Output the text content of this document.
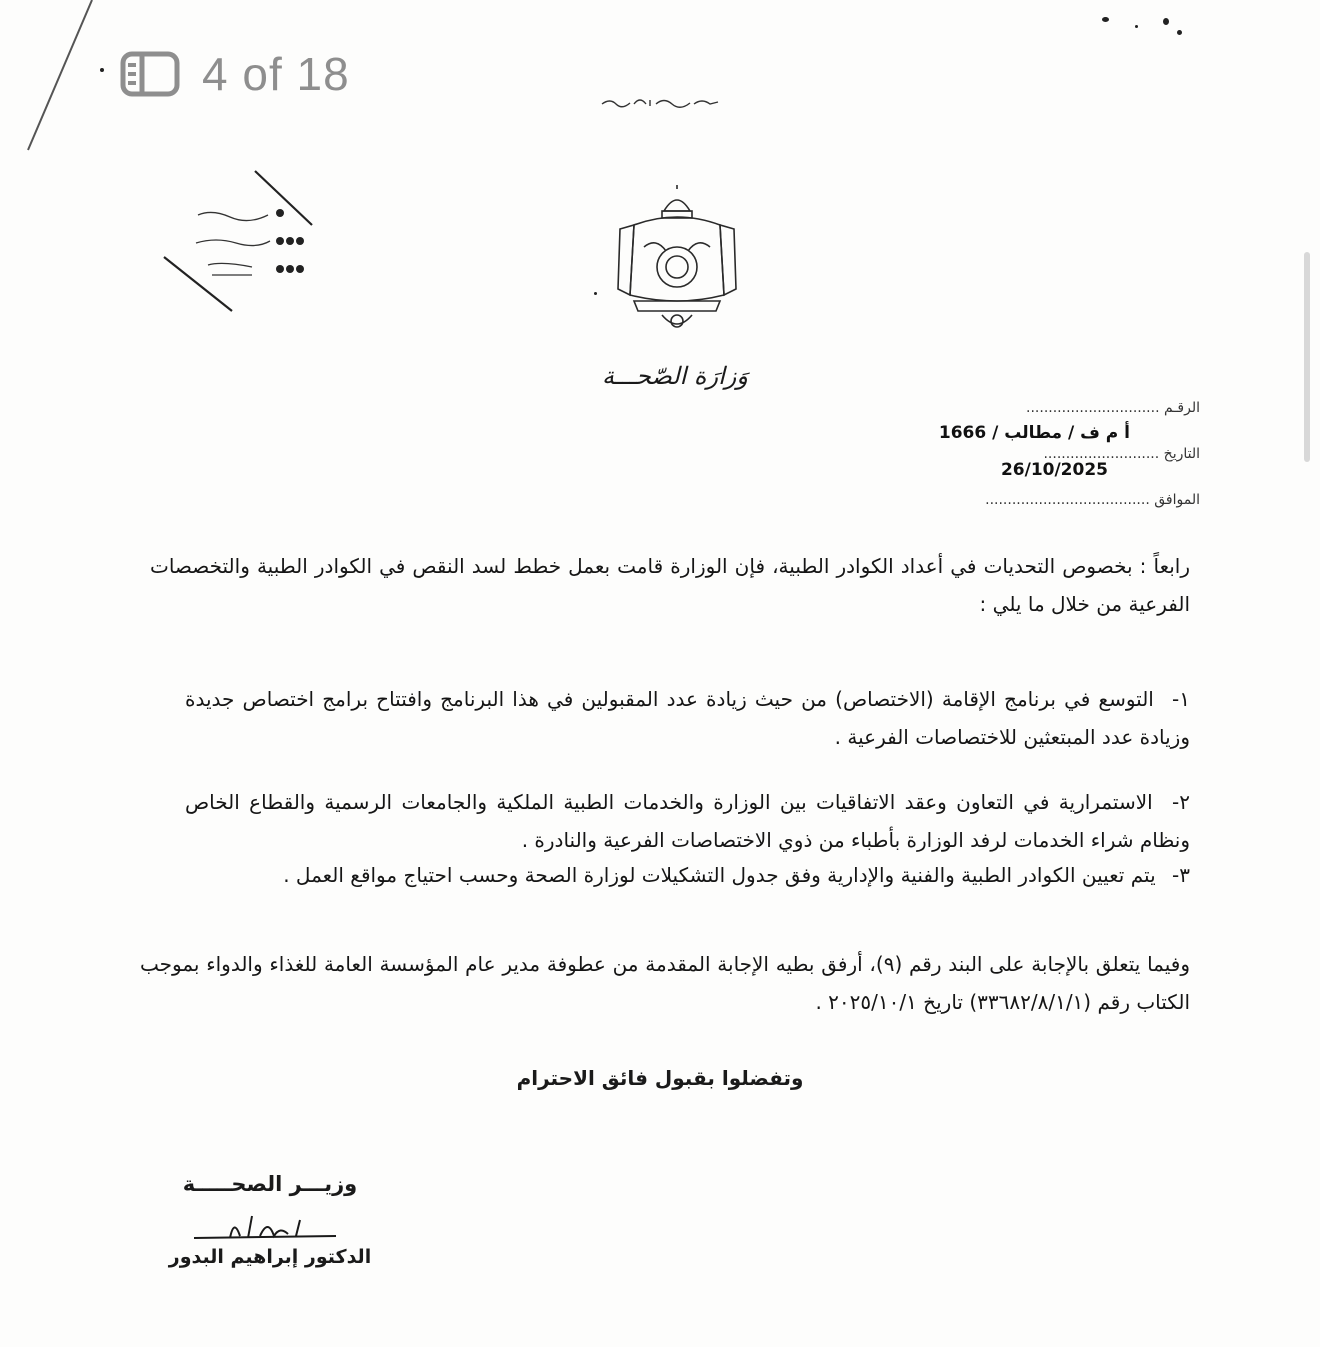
4 of 18
وَزارَة الصّحـــة
الرقـم ..............................
أ م ف / مطالب / 1666
التاريخ ..........................
26/10/2025
الموافق .....................................
رابعاً : بخصوص التحديات في أعداد الكوادر الطبية، فإن الوزارة قامت بعمل خطط لسد النقص في الكوادر الطبية والتخصصات الفرعية من خلال ما يلي :
١- التوسع في برنامج الإقامة (الاختصاص) من حيث زيادة عدد المقبولين في هذا البرنامج وافتتاح برامج اختصاص جديدة وزيادة عدد المبتعثين للاختصاصات الفرعية .
٢- الاستمرارية في التعاون وعقد الاتفاقيات بين الوزارة والخدمات الطبية الملكية والجامعات الرسمية والقطاع الخاص ونظام شراء الخدمات لرفد الوزارة بأطباء من ذوي الاختصاصات الفرعية والنادرة .
٣- يتم تعيين الكوادر الطبية والفنية والإدارية وفق جدول التشكيلات لوزارة الصحة وحسب احتياج مواقع العمل .
وفيما يتعلق بالإجابة على البند رقم (٩)، أرفق بطيه الإجابة المقدمة من عطوفة مدير عام المؤسسة العامة للغذاء والدواء بموجب الكتاب رقم (٣٣٦٨٢/٨/١/١) تاريخ ٢٠٢٥/١٠/١ .
وتفضلوا بقبول فائق الاحترام
وزيـــر الصحـــــة
الدكتور إبراهيم البدور
